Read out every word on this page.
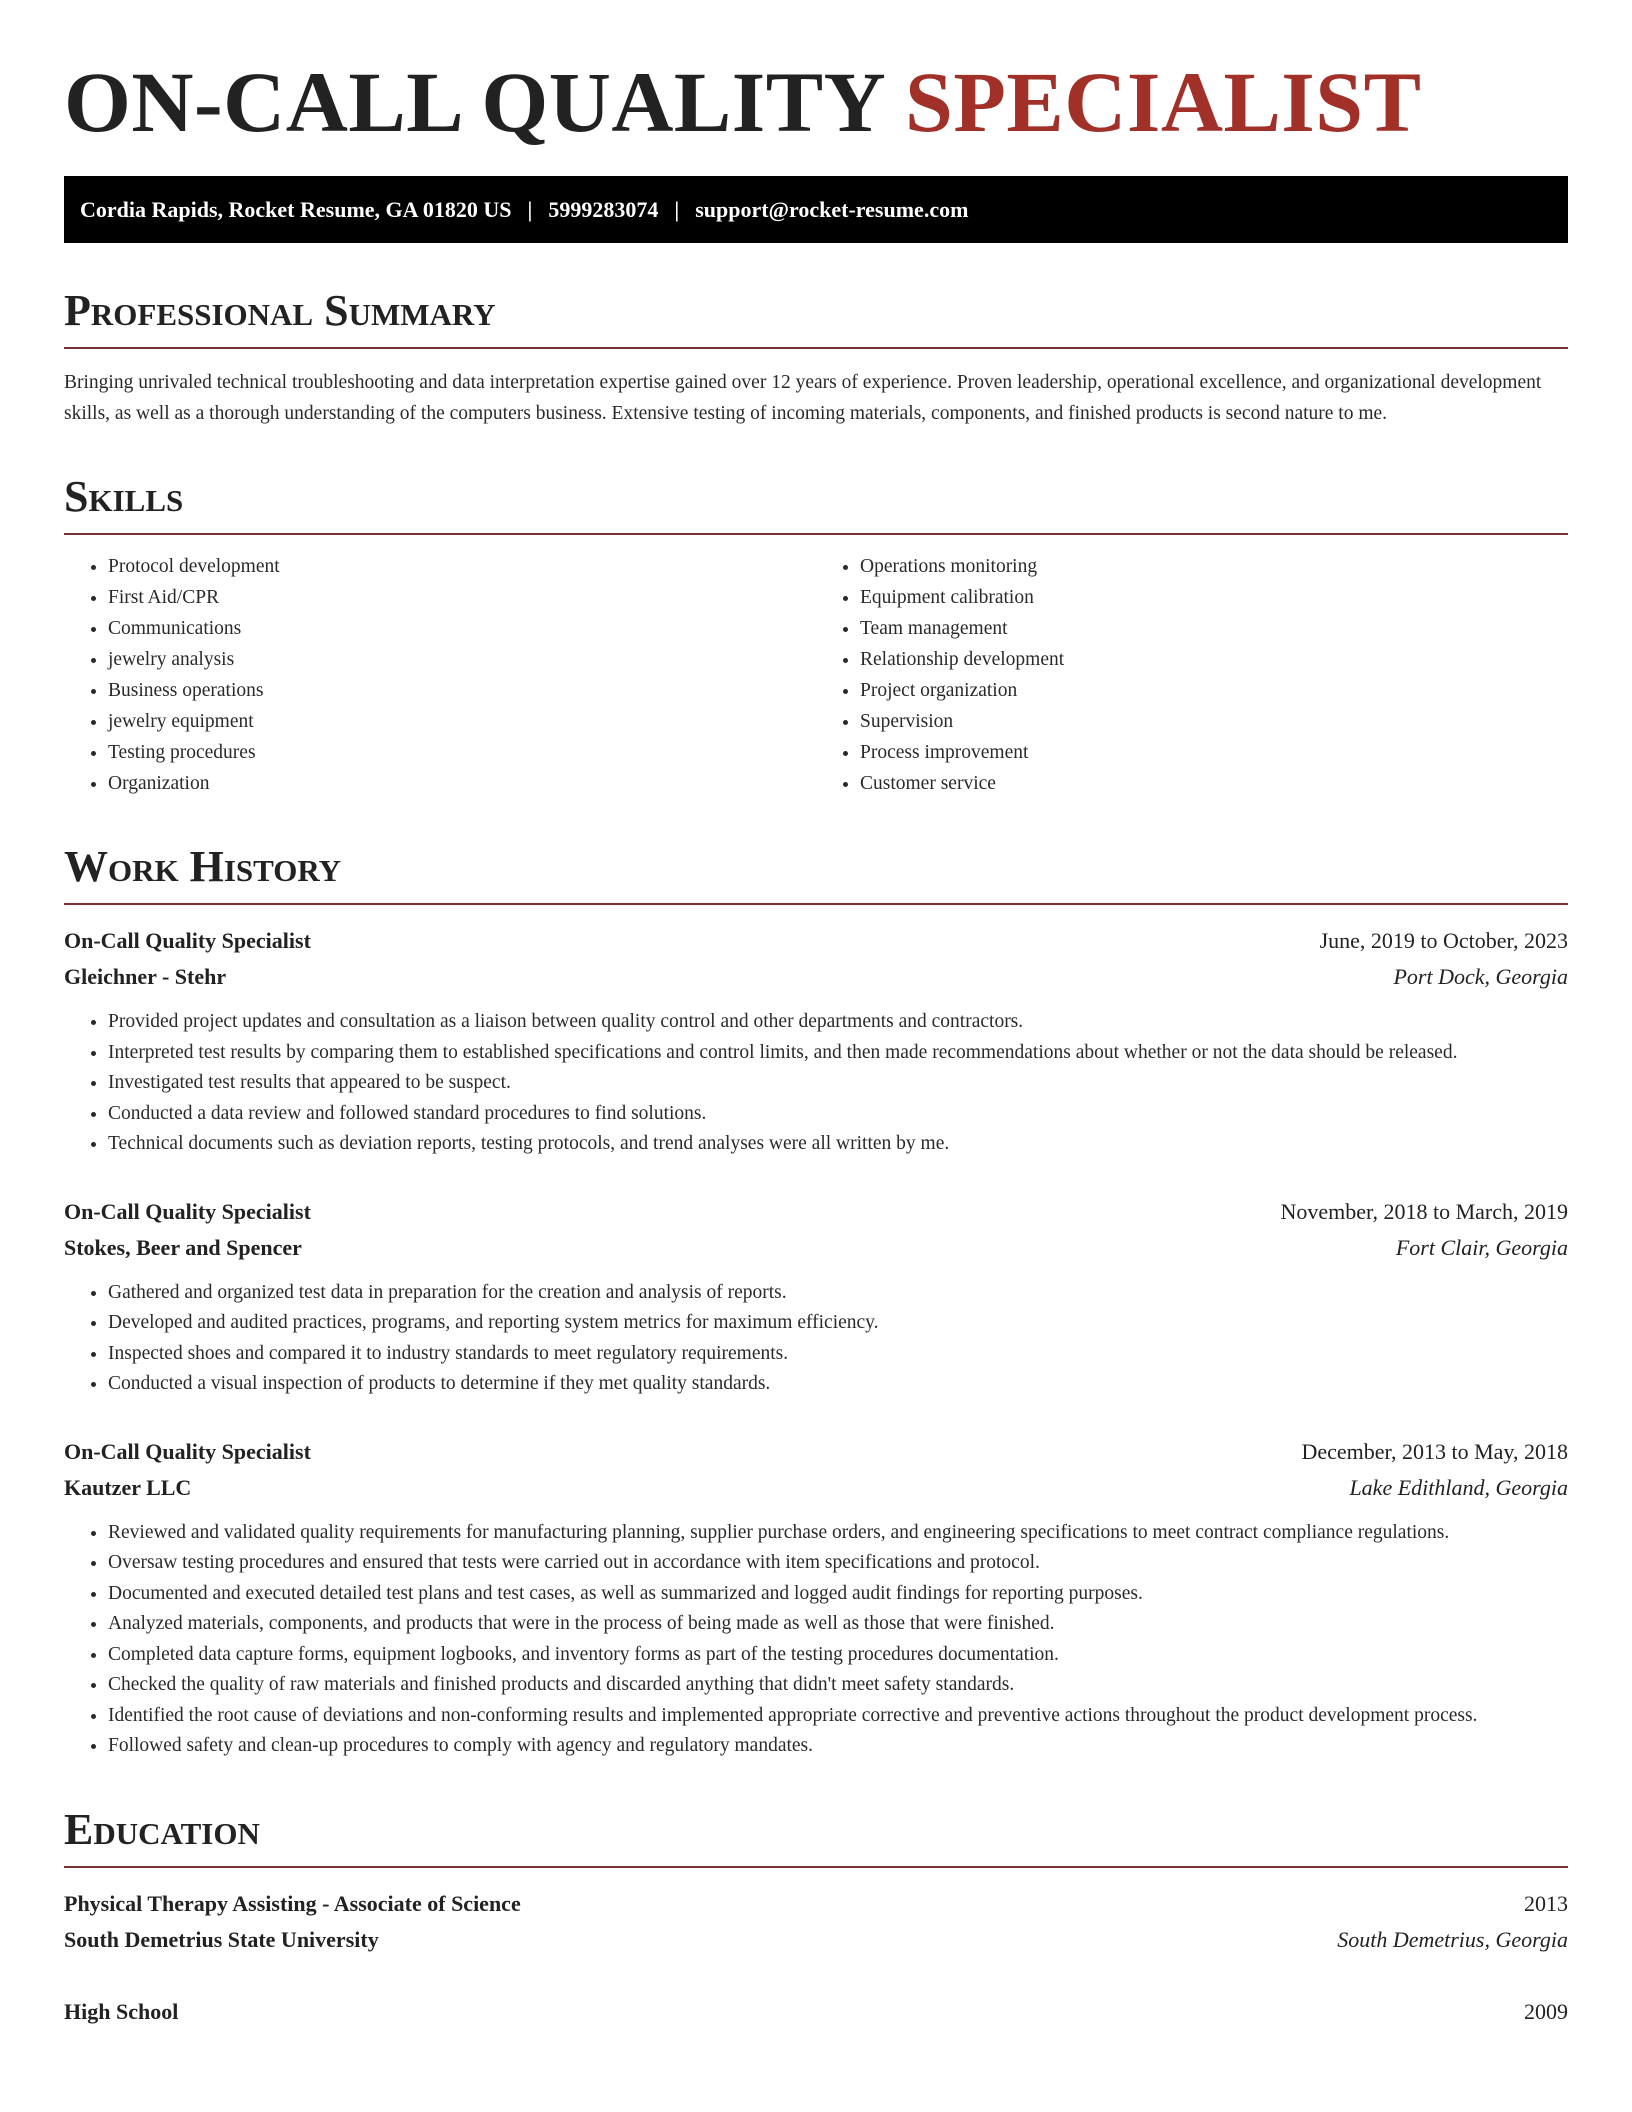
ON-CALL QUALITY SPECIALIST
Cordia Rapids, Rocket Resume, GA 01820 US | 5999283074 | support@rocket-resume.com
Professional Summary

Bringing unrivaled technical troubleshooting and data interpretation expertise gained over 12 years of experience. Proven leadership, operational excellence, and organizational development skills, as well as a thorough understanding of the computers business. Extensive testing of incoming materials, components, and finished products is second nature to me.

Skills
• Protocol development
• First Aid/CPR
• Communications
• jewelry analysis
• Business operations
• jewelry equipment
• Testing procedures
• Organization
• Operations monitoring
• Equipment calibration
• Team management
• Relationship development
• Project organization
• Supervision
• Process improvement
• Customer service
Work History
On-Call Quality Specialist	June, 2019 to October, 2023
Gleichner - Stehr	Port Dock, Georgia
• Provided project updates and consultation as a liaison between quality control and other departments and contractors.
• Interpreted test results by comparing them to established specifications and control limits, and then made recommendations about whether or not the data should be released.
• Investigated test results that appeared to be suspect.
• Conducted a data review and followed standard procedures to find solutions.
• Technical documents such as deviation reports, testing protocols, and trend analyses were all written by me.
On-Call Quality Specialist	November, 2018 to March, 2019
Stokes, Beer and Spencer	Fort Clair, Georgia
• Gathered and organized test data in preparation for the creation and analysis of reports.
• Developed and audited practices, programs, and reporting system metrics for maximum efficiency.
• Inspected shoes and compared it to industry standards to meet regulatory requirements.
• Conducted a visual inspection of products to determine if they met quality standards.
On-Call Quality Specialist	December, 2013 to May, 2018
Kautzer LLC	Lake Edithland, Georgia
• Reviewed and validated quality requirements for manufacturing planning, supplier purchase orders, and engineering specifications to meet contract compliance regulations.
• Oversaw testing procedures and ensured that tests were carried out in accordance with item specifications and protocol.
• Documented and executed detailed test plans and test cases, as well as summarized and logged audit findings for reporting purposes.
• Analyzed materials, components, and products that were in the process of being made as well as those that were finished.
• Completed data capture forms, equipment logbooks, and inventory forms as part of the testing procedures documentation.
• Checked the quality of raw materials and finished products and discarded anything that didn't meet safety standards.
• Identified the root cause of deviations and non-conforming results and implemented appropriate corrective and preventive actions throughout the product development process.
• Followed safety and clean-up procedures to comply with agency and regulatory mandates.
Education
Physical Therapy Assisting - Associate of Science	2013
South Demetrius State University	South Demetrius, Georgia
High School	2009
